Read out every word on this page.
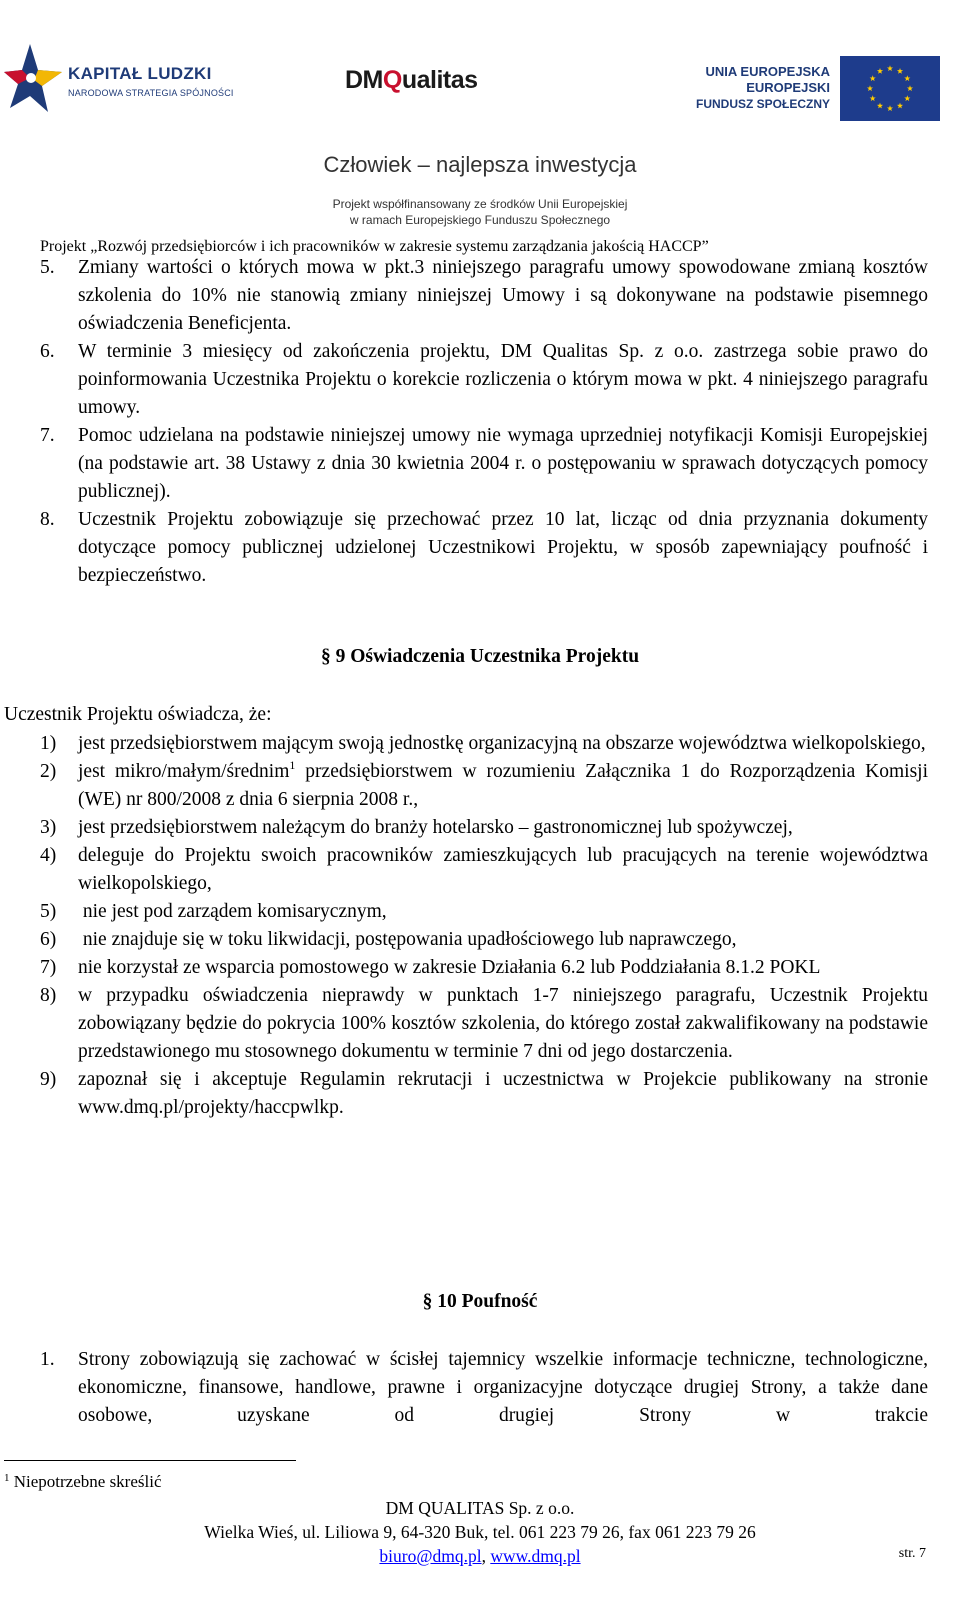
KAPITAŁ LUDZKI
NARODOWA STRATEGIA SPÓJNOŚCI	DMQualitas	UNIA EUROPEJSKA
EUROPEJSKI
FUNDUSZ SPOŁECZNY
Człowiek – najlepsza inwestycja
Projekt współfinansowany ze środków Unii Europejskiej
w ramach Europejskiego Funduszu Społecznego
Projekt „Rozwój przedsiębiorców i ich pracowników w zakresie systemu zarządzania jakością HACCP”
5. Zmiany wartości o których mowa w pkt.3 niniejszego paragrafu umowy spowodowane zmianą kosztów szkolenia do 10% nie stanowią zmiany niniejszej Umowy i są dokonywane na podstawie pisemnego oświadczenia Beneficjenta.
6. W terminie 3 miesięcy od zakończenia projektu, DM Qualitas Sp. z o.o. zastrzega sobie prawo do poinformowania Uczestnika Projektu o korekcie rozliczenia o którym mowa w pkt. 4 niniejszego paragrafu umowy.
7. Pomoc udzielana na podstawie niniejszej umowy nie wymaga uprzedniej notyfikacji Komisji Europejskiej (na podstawie art. 38 Ustawy z dnia 30 kwietnia 2004 r. o postępowaniu w sprawach dotyczących pomocy publicznej).
8. Uczestnik Projektu zobowiązuje się przechować przez 10 lat, licząc od dnia przyznania dokumenty dotyczące pomocy publicznej udzielonej Uczestnikowi Projektu, w sposób zapewniający poufność i bezpieczeństwo.
§ 9 Oświadczenia Uczestnika Projektu
Uczestnik Projektu oświadcza, że:
1) jest przedsiębiorstwem mającym swoją jednostkę organizacyjną na obszarze województwa wielkopolskiego,
2) jest mikro/małym/średnim$^1$ przedsiębiorstwem w rozumieniu Załącznika 1 do Rozporządzenia Komisji (WE) nr 800/2008 z dnia 6 sierpnia 2008 r.,
3) jest przedsiębiorstwem należącym do branży hotelarsko – gastronomicznej lub spożywczej,
4) deleguje do Projektu swoich pracowników zamieszkujących lub pracujących na terenie województwa wielkopolskiego,
5) nie jest pod zarządem komisarycznym,
6) nie znajduje się w toku likwidacji, postępowania upadłościowego lub naprawczego,
7) nie korzystał ze wsparcia pomostowego w zakresie Działania 6.2 lub Poddziałania 8.1.2 POKL
8) w przypadku oświadczenia nieprawdy w punktach 1-7 niniejszego paragrafu, Uczestnik Projektu zobowiązany będzie do pokrycia 100% kosztów szkolenia, do którego został zakwalifikowany na podstawie przedstawionego mu stosownego dokumentu w terminie 7 dni od jego dostarczenia.
9) zapoznał się i akceptuje Regulamin rekrutacji i uczestnictwa w Projekcie publikowany na stronie www.dmq.pl/projekty/haccpwlkp.
§ 10 Poufność
1. Strony zobowiązują się zachować w ścisłej tajemnicy wszelkie informacje techniczne, technologiczne, ekonomiczne, finansowe, handlowe, prawne i organizacyjne dotyczące drugiej Strony, a także dane osobowe, uzyskane od drugiej Strony w trakcie
$^1$ Niepotrzebne skreślić
DM QUALITAS Sp. z o.o.
Wielka Wieś, ul. Liliowa 9, 64-320 Buk, tel. 061 223 79 26, fax 061 223 79 26
biuro@dmq.pl, www.dmq.pl	str. 7
